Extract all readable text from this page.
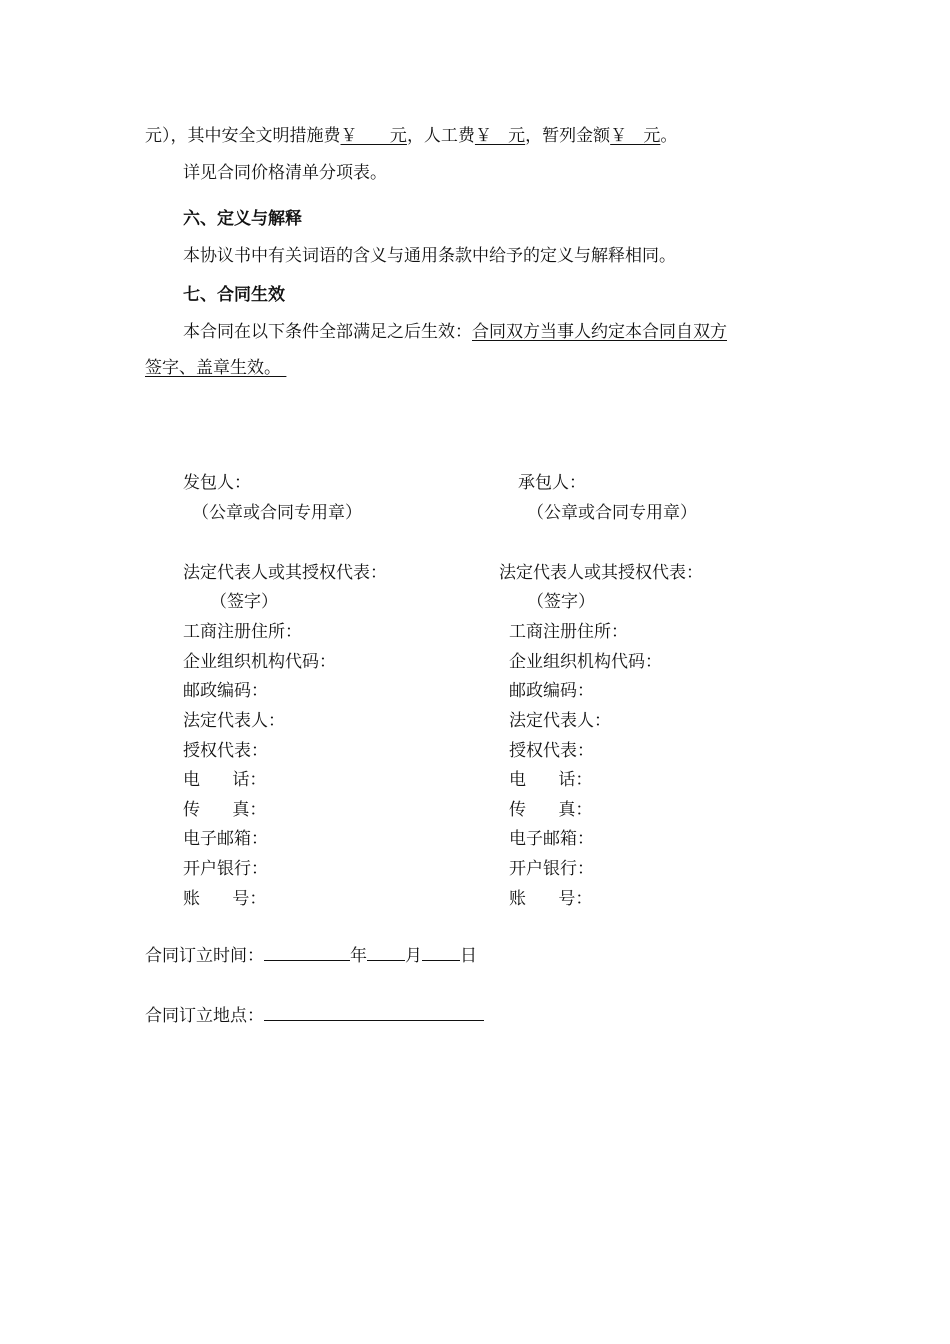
元），其中安全文明措施费￥      元，人工费￥   元，暂列金额￥   元。
详见合同价格清单分项表。
六、定义与解释
本协议书中有关词语的含义与通用条款中给予的定义与解释相同。
七、合同生效
本合同在以下条件全部满足之后生效：合同双方当事人约定本合同自双方
签字、盖章生效。
发包人：
（公章或合同专用章）
法定代表人或其授权代表：
（签字）
工商注册住所：
企业组织机构代码：
邮政编码：
法定代表人：
授权代表：
电      话：
传      真：
电子邮箱：
开户银行：
账      号：
承包人：
（公章或合同专用章）
法定代表人或其授权代表：
（签字）
工商注册住所：
企业组织机构代码：
邮政编码：
法定代表人：
授权代表：
电      话：
传      真：
电子邮箱：
开户银行：
账      号：
合同订立时间：	年 月 日
合同订立地点：
